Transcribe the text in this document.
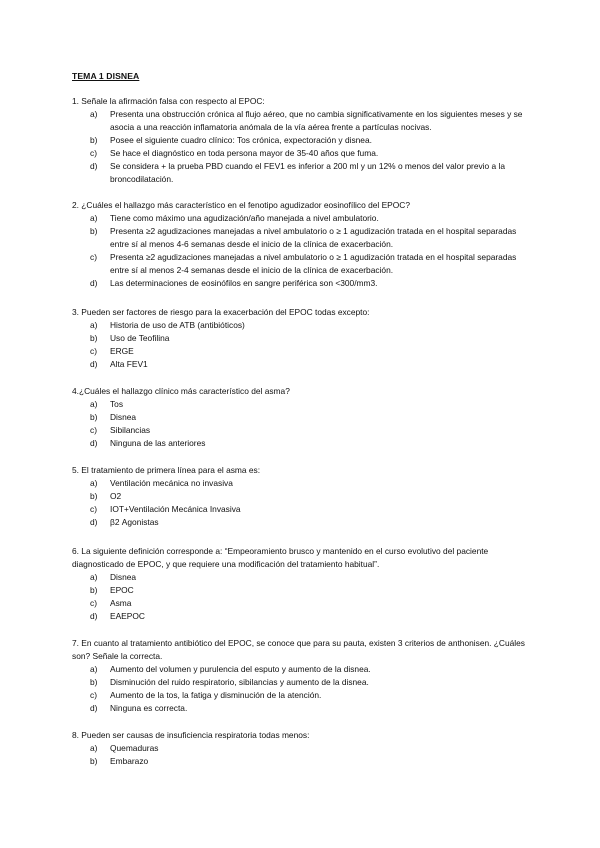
TEMA 1 DISNEA
1. Señale la afirmación falsa con respecto al EPOC:
a) Presenta una obstrucción crónica al flujo aéreo, que no cambia significativamente en los siguientes meses y se asocia a una reacción inflamatoria anómala de la vía aérea frente a partículas nocivas.
b) Posee el siguiente cuadro clínico: Tos crónica, expectoración y disnea.
c) Se hace el diagnóstico en toda persona mayor de 35-40 años que fuma.
d) Se considera + la prueba PBD cuando el FEV1 es inferior a 200 ml y un 12% o menos del valor previo a la broncodilatación.
2. ¿Cuáles el hallazgo más característico en el fenotipo agudizador eosinofílico del EPOC?
a) Tiene como máximo una agudización/año manejada a nivel ambulatorio.
b) Presenta ≥2 agudizaciones manejadas a nivel ambulatorio o ≥ 1 agudización tratada en el hospital separadas entre sí al menos 4-6 semanas desde el inicio de la clínica de exacerbación.
c) Presenta ≥2 agudizaciones manejadas a nivel ambulatorio o ≥ 1 agudización tratada en el hospital separadas entre sí al menos 2-4 semanas desde el inicio de la clínica de exacerbación.
d) Las determinaciones de eosinófilos en sangre periférica son <300/mm3.
3. Pueden ser factores de riesgo para la exacerbación del EPOC todas excepto:
a) Historia de uso de ATB (antibióticos)
b) Uso de Teofilina
c) ERGE
d) Alta FEV1
4.¿Cuáles el hallazgo clínico más característico del asma?
a) Tos
b) Disnea
c) Sibilancias
d) Ninguna de las anteriores
5. El tratamiento de primera línea para el asma es:
a) Ventilación mecánica no invasiva
b) O2
c) IOT+Ventilación Mecánica Invasiva
d) β2 Agonistas
6. La siguiente definición corresponde a: “Empeoramiento brusco y mantenido en el curso evolutivo del paciente diagnosticado de EPOC, y que requiere una modificación del tratamiento habitual”.
a) Disnea
b) EPOC
c) Asma
d) EAEPOC
7. En cuanto al tratamiento antibiótico del EPOC, se conoce que para su pauta, existen 3 criterios de anthonisen. ¿Cuáles son? Señale la correcta.
a) Aumento del volumen y purulencia del esputo y aumento de la disnea.
b) Disminución del ruido respiratorio, sibilancias y aumento de la disnea.
c) Aumento de la tos, la fatiga y disminución de la atención.
d) Ninguna es correcta.
8. Pueden ser causas de insuficiencia respiratoria todas menos:
a) Quemaduras
b) Embarazo
